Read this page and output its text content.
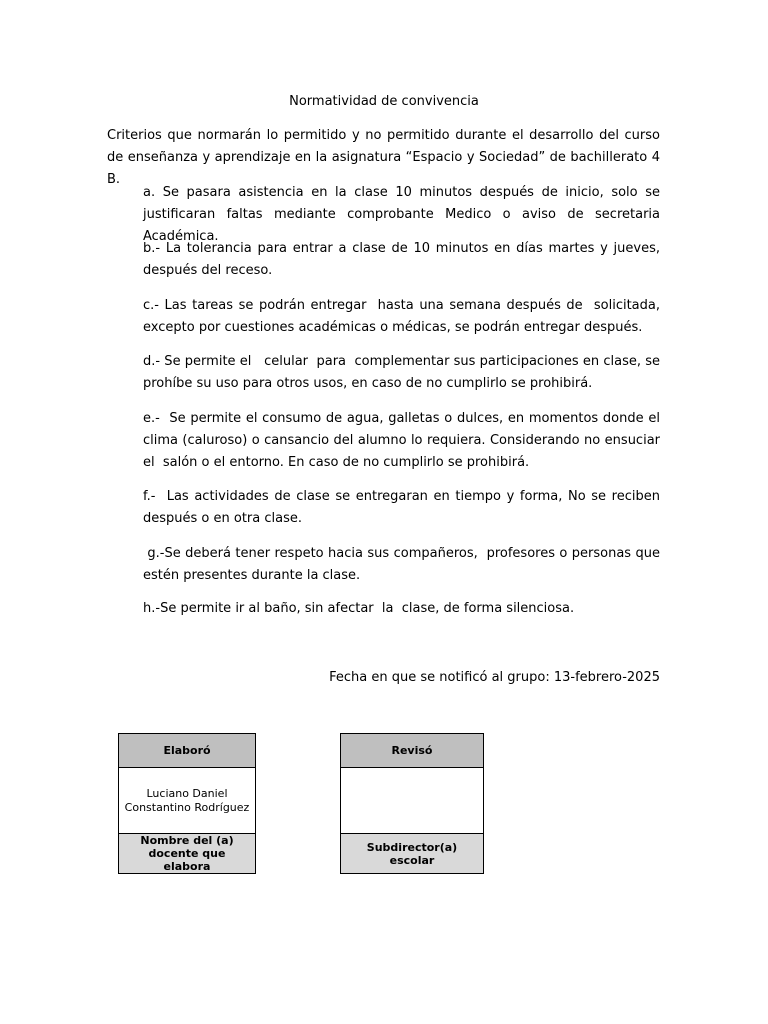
Normatividad de convivencia
Criterios que normarán lo permitido y no permitido durante el desarrollo del curso de enseñanza y aprendizaje en la asignatura “Espacio y Sociedad” de bachillerato 4 B.
a. Se pasara asistencia en la clase 10 minutos después de inicio, solo se justificaran faltas mediante comprobante Medico o aviso de secretaria  Académica.
b.- La tolerancia para entrar a clase de 10 minutos en días martes y jueves, después del receso.
c.- Las tareas se podrán entregar  hasta una semana después de  solicitada, excepto por cuestiones académicas o médicas, se podrán entregar después.
d.- Se permite el   celular  para  complementar sus participaciones en clase, se prohíbe su uso para otros usos, en caso de no cumplirlo se prohibirá.
e.-  Se permite el consumo de agua, galletas o dulces, en momentos donde el clima (caluroso) o cansancio del alumno lo requiera. Considerando no ensuciar el  salón o el entorno. En caso de no cumplirlo se prohibirá.
f.-  Las actividades de clase se entregaran en tiempo y forma, No se reciben después o en otra clase.
g.-Se deberá tener respeto hacia sus compañeros,  profesores o personas que estén presentes durante la clase.
h.-Se permite ir al baño, sin afectar  la  clase, de forma silenciosa.
Fecha en que se notificó al grupo: 13-febrero-2025
Elaboró
Luciano Daniel
Constantino Rodríguez
Nombre del (a)
docente que
elabora
Revisó
Subdirector(a)
escolar
